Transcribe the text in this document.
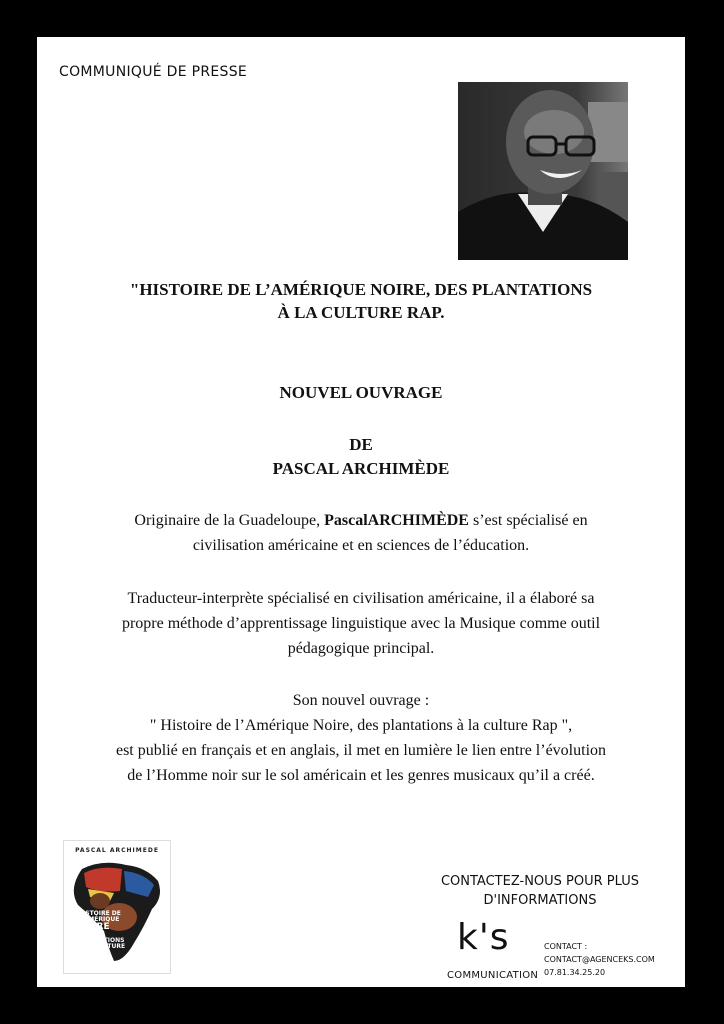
COMMUNIQUÉ DE PRESSE
"HISTOIRE DE L’AMÉRIQUE NOIRE, DES PLANTATIONS
À LA CULTURE RAP.
NOUVEL OUVRAGE
DE
PASCAL ARCHIMÈDE

Originaire de la Guadeloupe, PascalARCHIMÈDE s’est spécialisé en

civilisation américaine et en sciences de l’éducation.

Traducteur-interprète spécialisé en civilisation américaine, il a élaboré sa

propre méthode d’apprentissage linguistique avec la Musique comme outil

pédagogique principal.

Son nouvel ouvrage :

" Histoire de l’Amérique Noire, des plantations à la culture Rap ",

est publié en français et en anglais, il met en lumière le lien entre l’évolution

de l’Homme noir sur le sol américain et les genres musicaux qu’il a créé.

PASCAL ARCHIMEDE
HISTOIRE DE
L'AMÉRIQUE
NOIRE
DES
PLANTATIONS
À LA CULTURE
RAP
CONTACTEZ-NOUS POUR PLUS
D'INFORMATIONS
k's
COMMUNICATION
CONTACT :
CONTACT@AGENCEKS.COM
07.81.34.25.20
